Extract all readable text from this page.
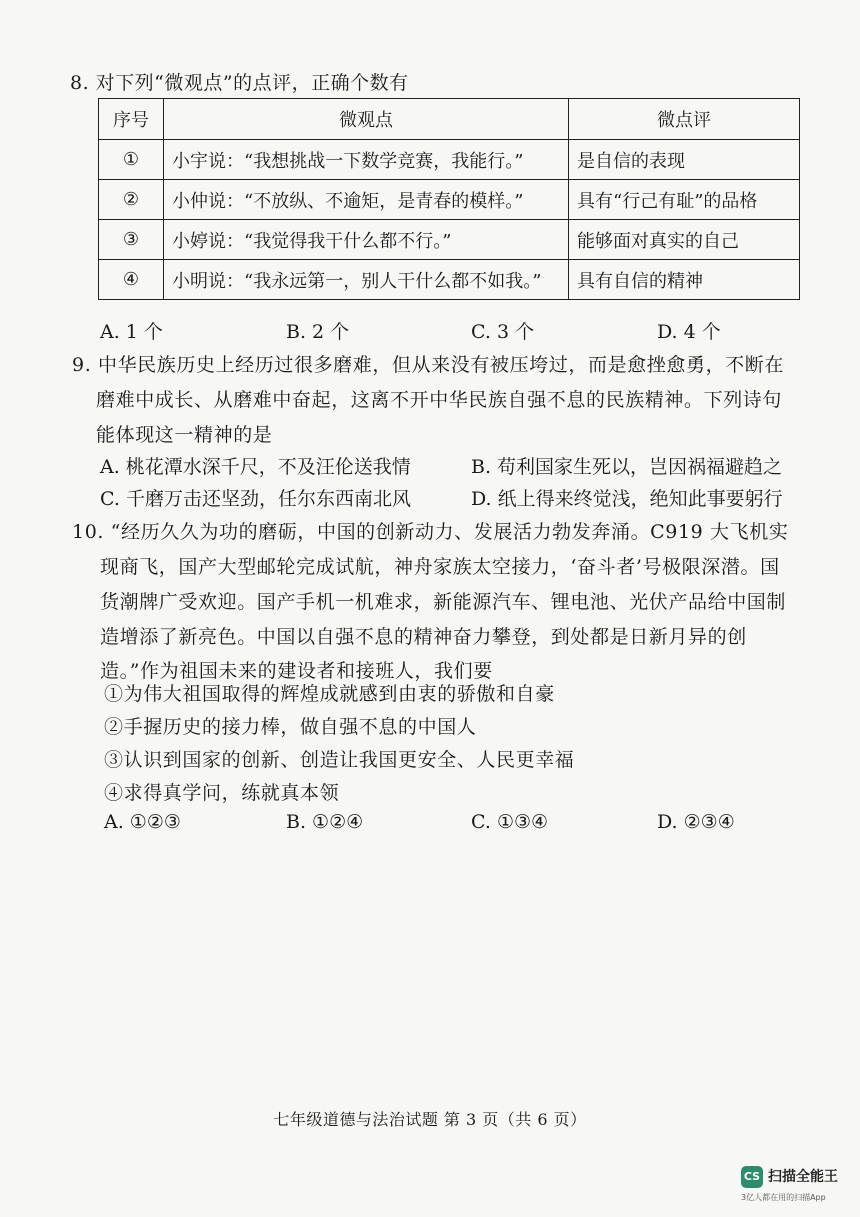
8. 对下列“微观点”的点评，正确个数有
序号	微观点	微点评
①	小宇说：“我想挑战一下数学竞赛，我能行。”	是自信的表现
②	小仲说：“不放纵、不逾矩，是青春的模样。”	具有“行己有耻”的品格
③	小婷说：“我觉得我干什么都不行。”	能够面对真实的自己
④	小明说：“我永远第一，别人干什么都不如我。”	具有自信的精神
A. 1 个	B. 2 个	C. 3 个	D. 4 个
9. 中华民族历史上经历过很多磨难，但从来没有被压垮过，而是愈挫愈勇，不断在
磨难中成长、从磨难中奋起，这离不开中华民族自强不息的民族精神。下列诗句
能体现这一精神的是
A. 桃花潭水深千尺，不及汪伦送我情	B. 苟利国家生死以，岂因祸福避趋之
C. 千磨万击还坚劲，任尔东西南北风	D. 纸上得来终觉浅，绝知此事要躬行
10. “经历久久为功的磨砺，中国的创新动力、发展活力勃发奔涌。C919 大飞机实
现商飞，国产大型邮轮完成试航，神舟家族太空接力，‘奋斗者’号极限深潜。国
货潮牌广受欢迎。国产手机一机难求，新能源汽车、锂电池、光伏产品给中国制
造增添了新亮色。中国以自强不息的精神奋力攀登，到处都是日新月异的创
造。”作为祖国未来的建设者和接班人，我们要
①为伟大祖国取得的辉煌成就感到由衷的骄傲和自豪
②手握历史的接力棒，做自强不息的中国人
③认识到国家的创新、创造让我国更安全、人民更幸福
④求得真学问，练就真本领
A. ①②③	B. ①②④	C. ①③④	D. ②③④
七年级道德与法治试题 第 3 页（共 6 页）
CS 扫描全能王
3亿人都在用的扫描App
